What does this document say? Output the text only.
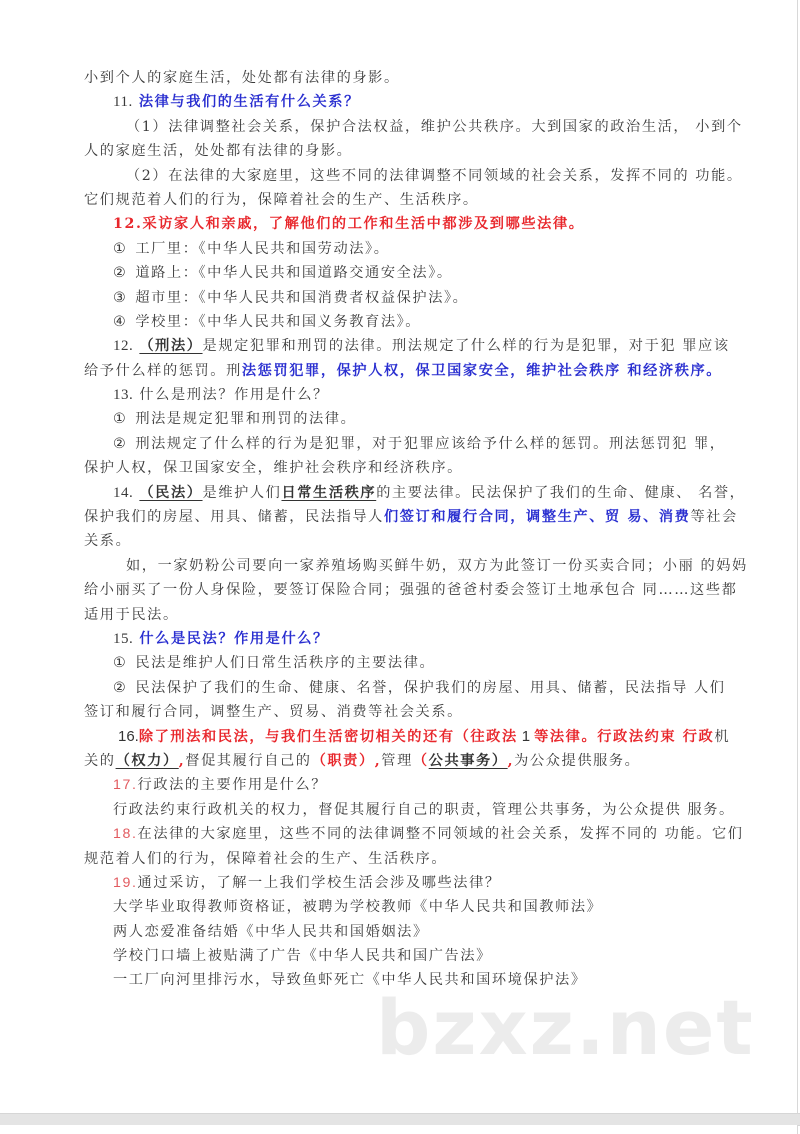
小到个人的家庭生活，处处都有法律的身影。
11. 法律与我们的生活有什么关系？
（1）法律调整社会关系，保护合法权益，维护公共秩序。大到国家的政治生活， 小到个
人的家庭生活，处处都有法律的身影。
（2）在法律的大家庭里，这些不同的法律调整不同领域的社会关系，发挥不同的 功能。
它们规范着人们的行为，保障着社会的生产、生活秩序。
12.采访家人和亲戚，了解他们的工作和生活中都涉及到哪些法律。
① 工厂里：《中华人民共和国劳动法》。
② 道路上：《中华人民共和国道路交通安全法》。
③ 超市里：《中华人民共和国消费者权益保护法》。
④ 学校里：《中华人民共和国义务教育法》。
12. （刑法）是规定犯罪和刑罚的法律。刑法规定了什么样的行为是犯罪，对于犯 罪应该
给予什么样的惩罚。刑法惩罚犯罪，保护人权，保卫国家安全，维护社会秩序 和经济秩序。
13. 什么是刑法？作用是什么？
① 刑法是规定犯罪和刑罚的法律。
② 刑法规定了什么样的行为是犯罪，对于犯罪应该给予什么样的惩罚。刑法惩罚犯 罪，
保护人权，保卫国家安全，维护社会秩序和经济秩序。
14. （民法）是维护人们日常生活秩序的主要法律。民法保护了我们的生命、健康、 名誉，
保护我们的房屋、用具、储蓄，民法指导人们签订和履行合同，调整生产、贸 易、消费等社会
关系。
如，一家奶粉公司要向一家养殖场购买鲜牛奶，双方为此签订一份买卖合同；小丽 的妈妈
给小丽买了一份人身保险，要签订保险合同；强强的爸爸村委会签订土地承包合 同……这些都
适用于民法。
15. 什么是民法？作用是什么？
① 民法是维护人们日常生活秩序的主要法律。
② 民法保护了我们的生命、健康、名誉，保护我们的房屋、用具、储蓄，民法指导 人们
签订和履行合同，调整生产、贸易、消费等社会关系。
16.除了刑法和民法，与我们生活密切相关的还有（往政法 1 等法律。行政法约束 行政机
关的（权力）,督促其履行自己的（职责）,管理（公共事务）,为公众提供服务。
17.行政法的主要作用是什么？
行政法约束行政机关的权力，督促其履行自己的职责，管理公共事务，为公众提供 服务。
18.在法律的大家庭里，这些不同的法律调整不同领域的社会关系，发挥不同的 功能。它们
规范着人们的行为，保障着社会的生产、生活秩序。
19.通过采访，了解一上我们学校生活会涉及哪些法律？
大学毕业取得教师资格证，被聘为学校教师《中华人民共和国教师法》
两人恋爱准备结婚《中华人民共和国婚姻法》
学校门口墙上被贴满了广告《中华人民共和国广告法》
一工厂向河里排污水，导致鱼虾死亡《中华人民共和国环境保护法》
bzxz.net
